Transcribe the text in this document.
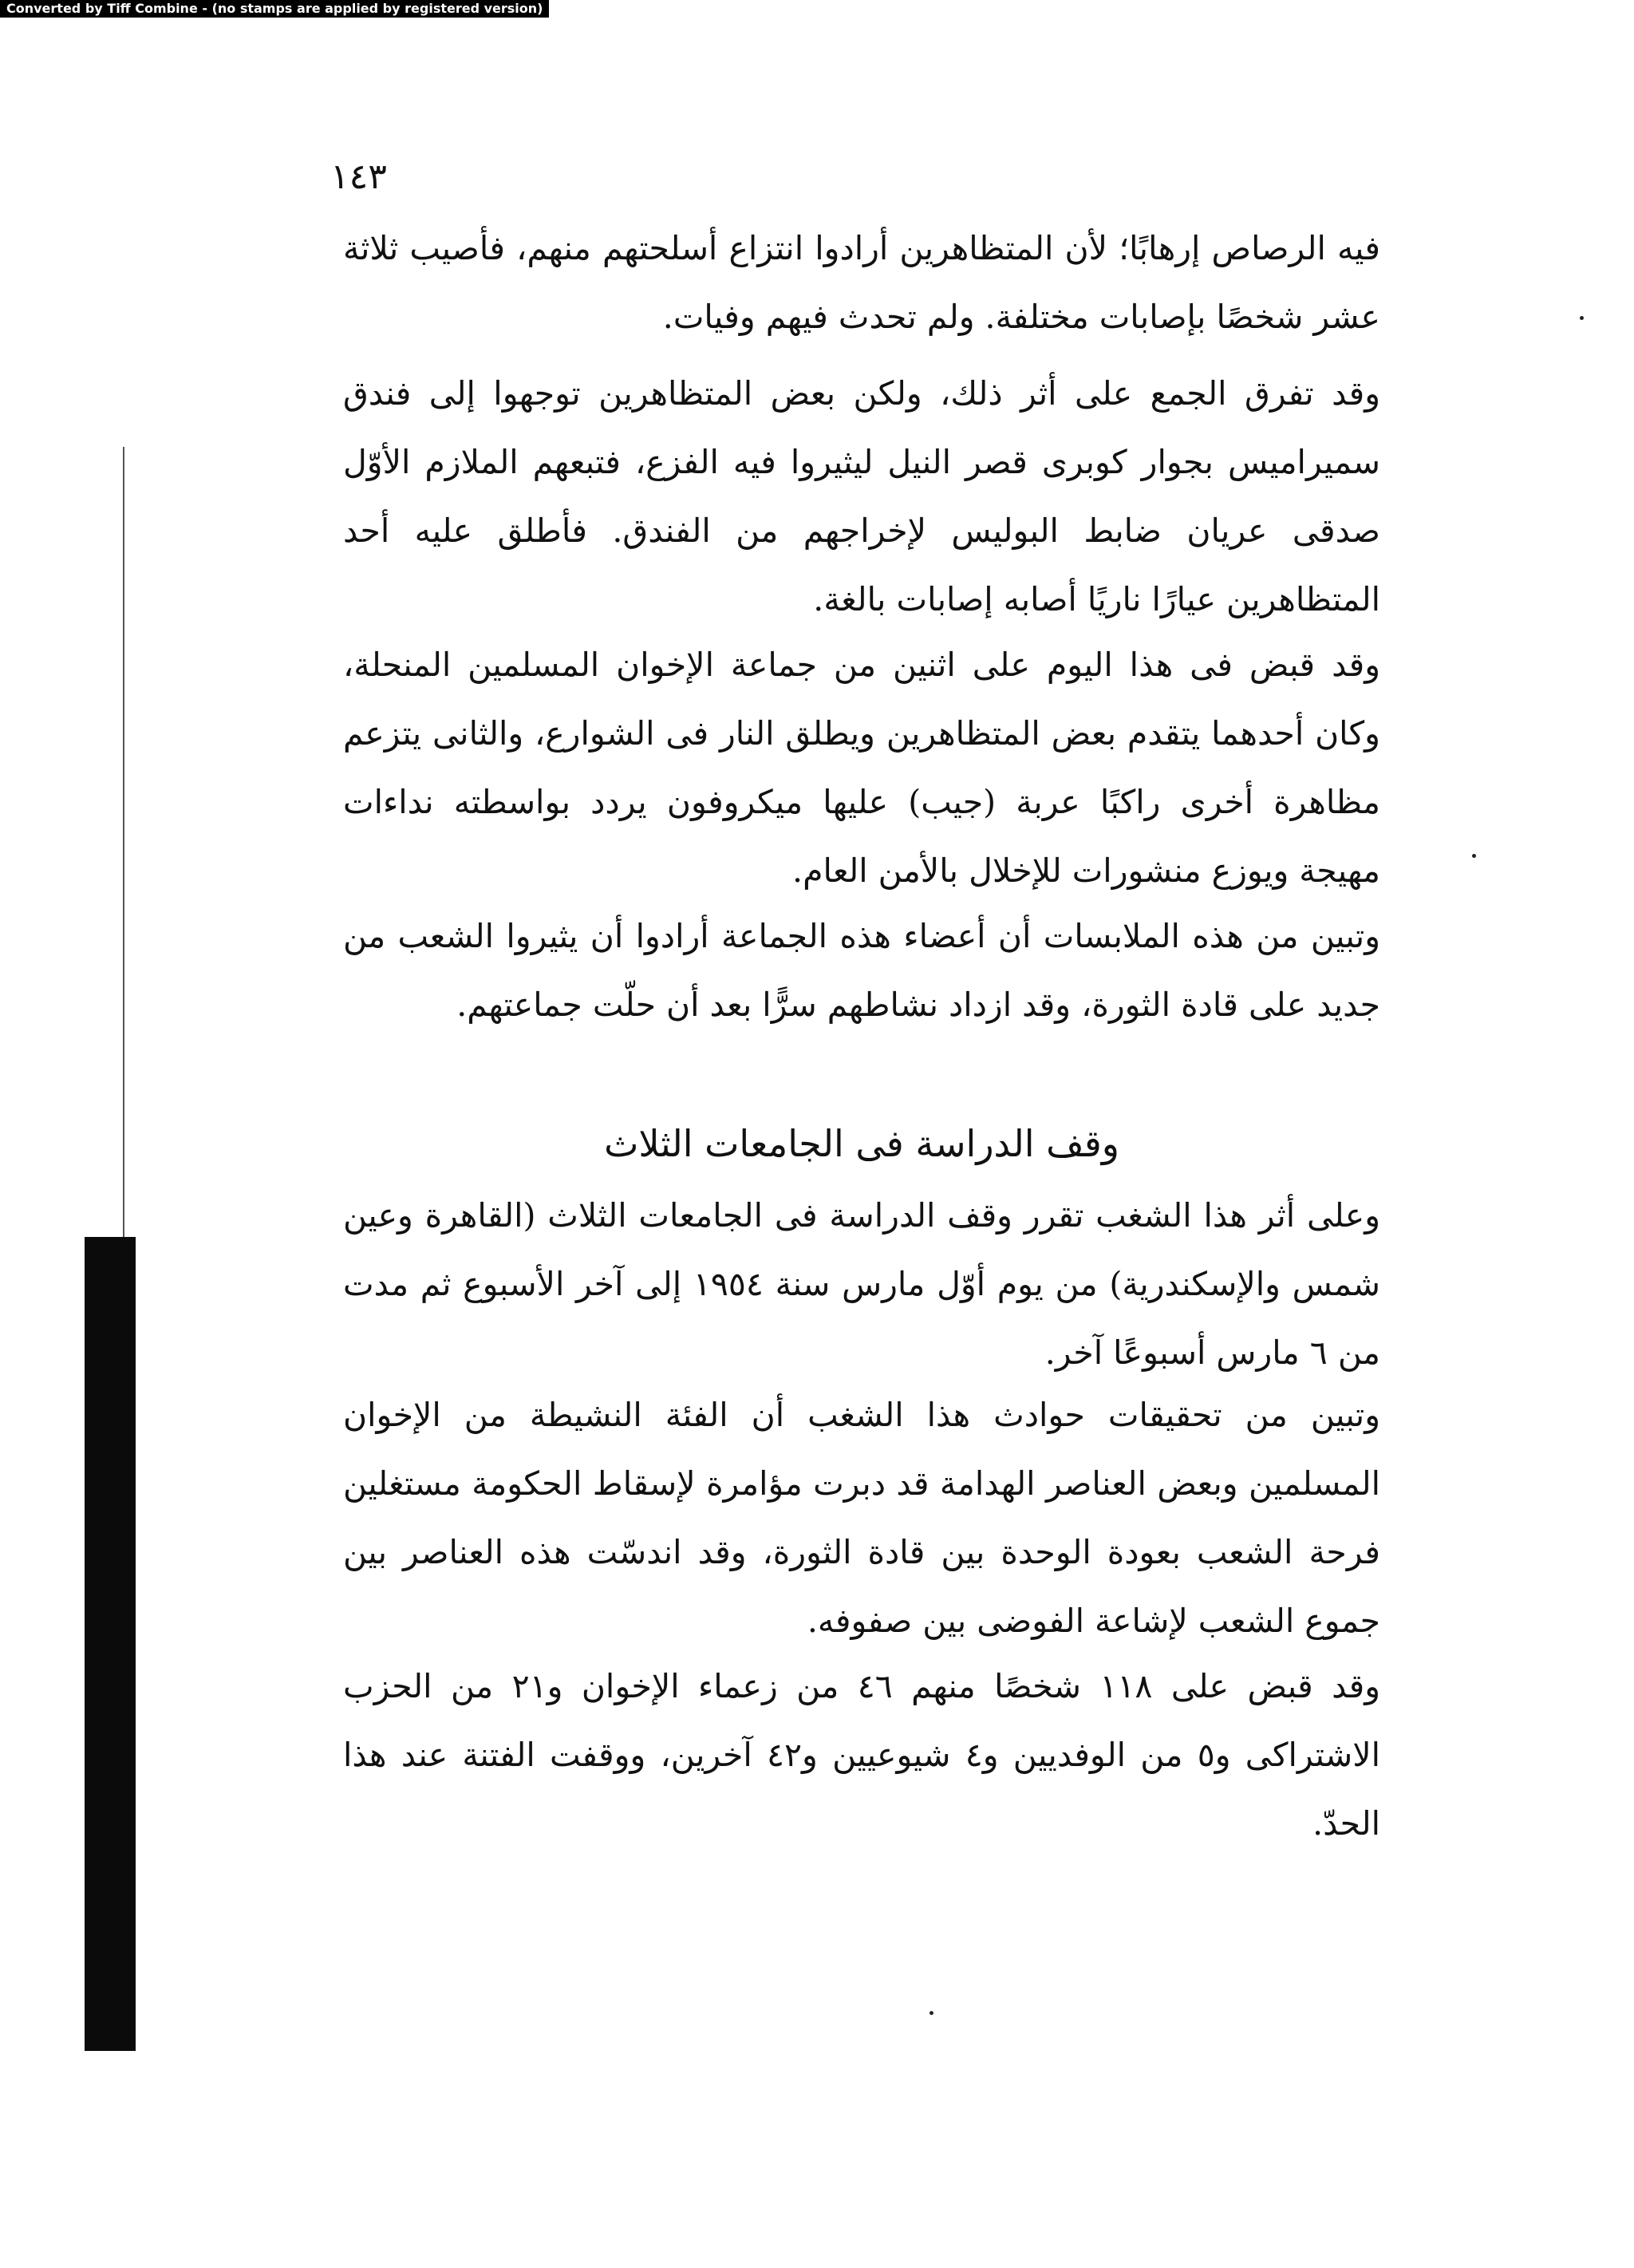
Converted by Tiff Combine - (no stamps are applied by registered version)
١٤٣
فيه الرصاص إرهابًا؛ لأن المتظاهرين أرادوا انتزاع أسلحتهم منهم، فأصيب ثلاثة عشر شخصًا بإصابات مختلفة. ولم تحدث فيهم وفيات.
وقد تفرق الجمع على أثر ذلك، ولكن بعض المتظاهرين توجهوا إلى فندق سميراميس بجوار كوبرى قصر النيل ليثيروا فيه الفزع، فتبعهم الملازم الأوّل صدقى عريان ضابط البوليس لإخراجهم من الفندق. فأطلق عليه أحد المتظاهرين عيارًا ناريًا أصابه إصابات بالغة.
وقد قبض فى هذا اليوم على اثنين من جماعة الإخوان المسلمين المنحلة، وكان أحدهما يتقدم بعض المتظاهرين ويطلق النار فى الشوارع، والثانى يتزعم مظاهرة أخرى راكبًا عربة (جيب) عليها ميكروفون يردد بواسطته نداءات مهيجة ويوزع منشورات للإخلال بالأمن العام.
وتبين من هذه الملابسات أن أعضاء هذه الجماعة أرادوا أن يثيروا الشعب من جديد على قادة الثورة، وقد ازداد نشاطهم سرًّا بعد أن حلّت جماعتهم.
وقف الدراسة فى الجامعات الثلاث
وعلى أثر هذا الشغب تقرر وقف الدراسة فى الجامعات الثلاث (القاهرة وعين شمس والإسكندرية) من يوم أوّل مارس سنة ١٩٥٤ إلى آخر الأسبوع ثم مدت من ٦ مارس أسبوعًا آخر.
وتبين من تحقيقات حوادث هذا الشغب أن الفئة النشيطة من الإخوان المسلمين وبعض العناصر الهدامة قد دبرت مؤامرة لإسقاط الحكومة مستغلين فرحة الشعب بعودة الوحدة بين قادة الثورة، وقد اندسّت هذه العناصر بين جموع الشعب لإشاعة الفوضى بين صفوفه.
وقد قبض على ١١٨ شخصًا منهم ٤٦ من زعماء الإخوان و٢١ من الحزب الاشتراكى و٥ من الوفديين و٤ شيوعيين و٤٢ آخرين، ووقفت الفتنة عند هذا الحدّ.
